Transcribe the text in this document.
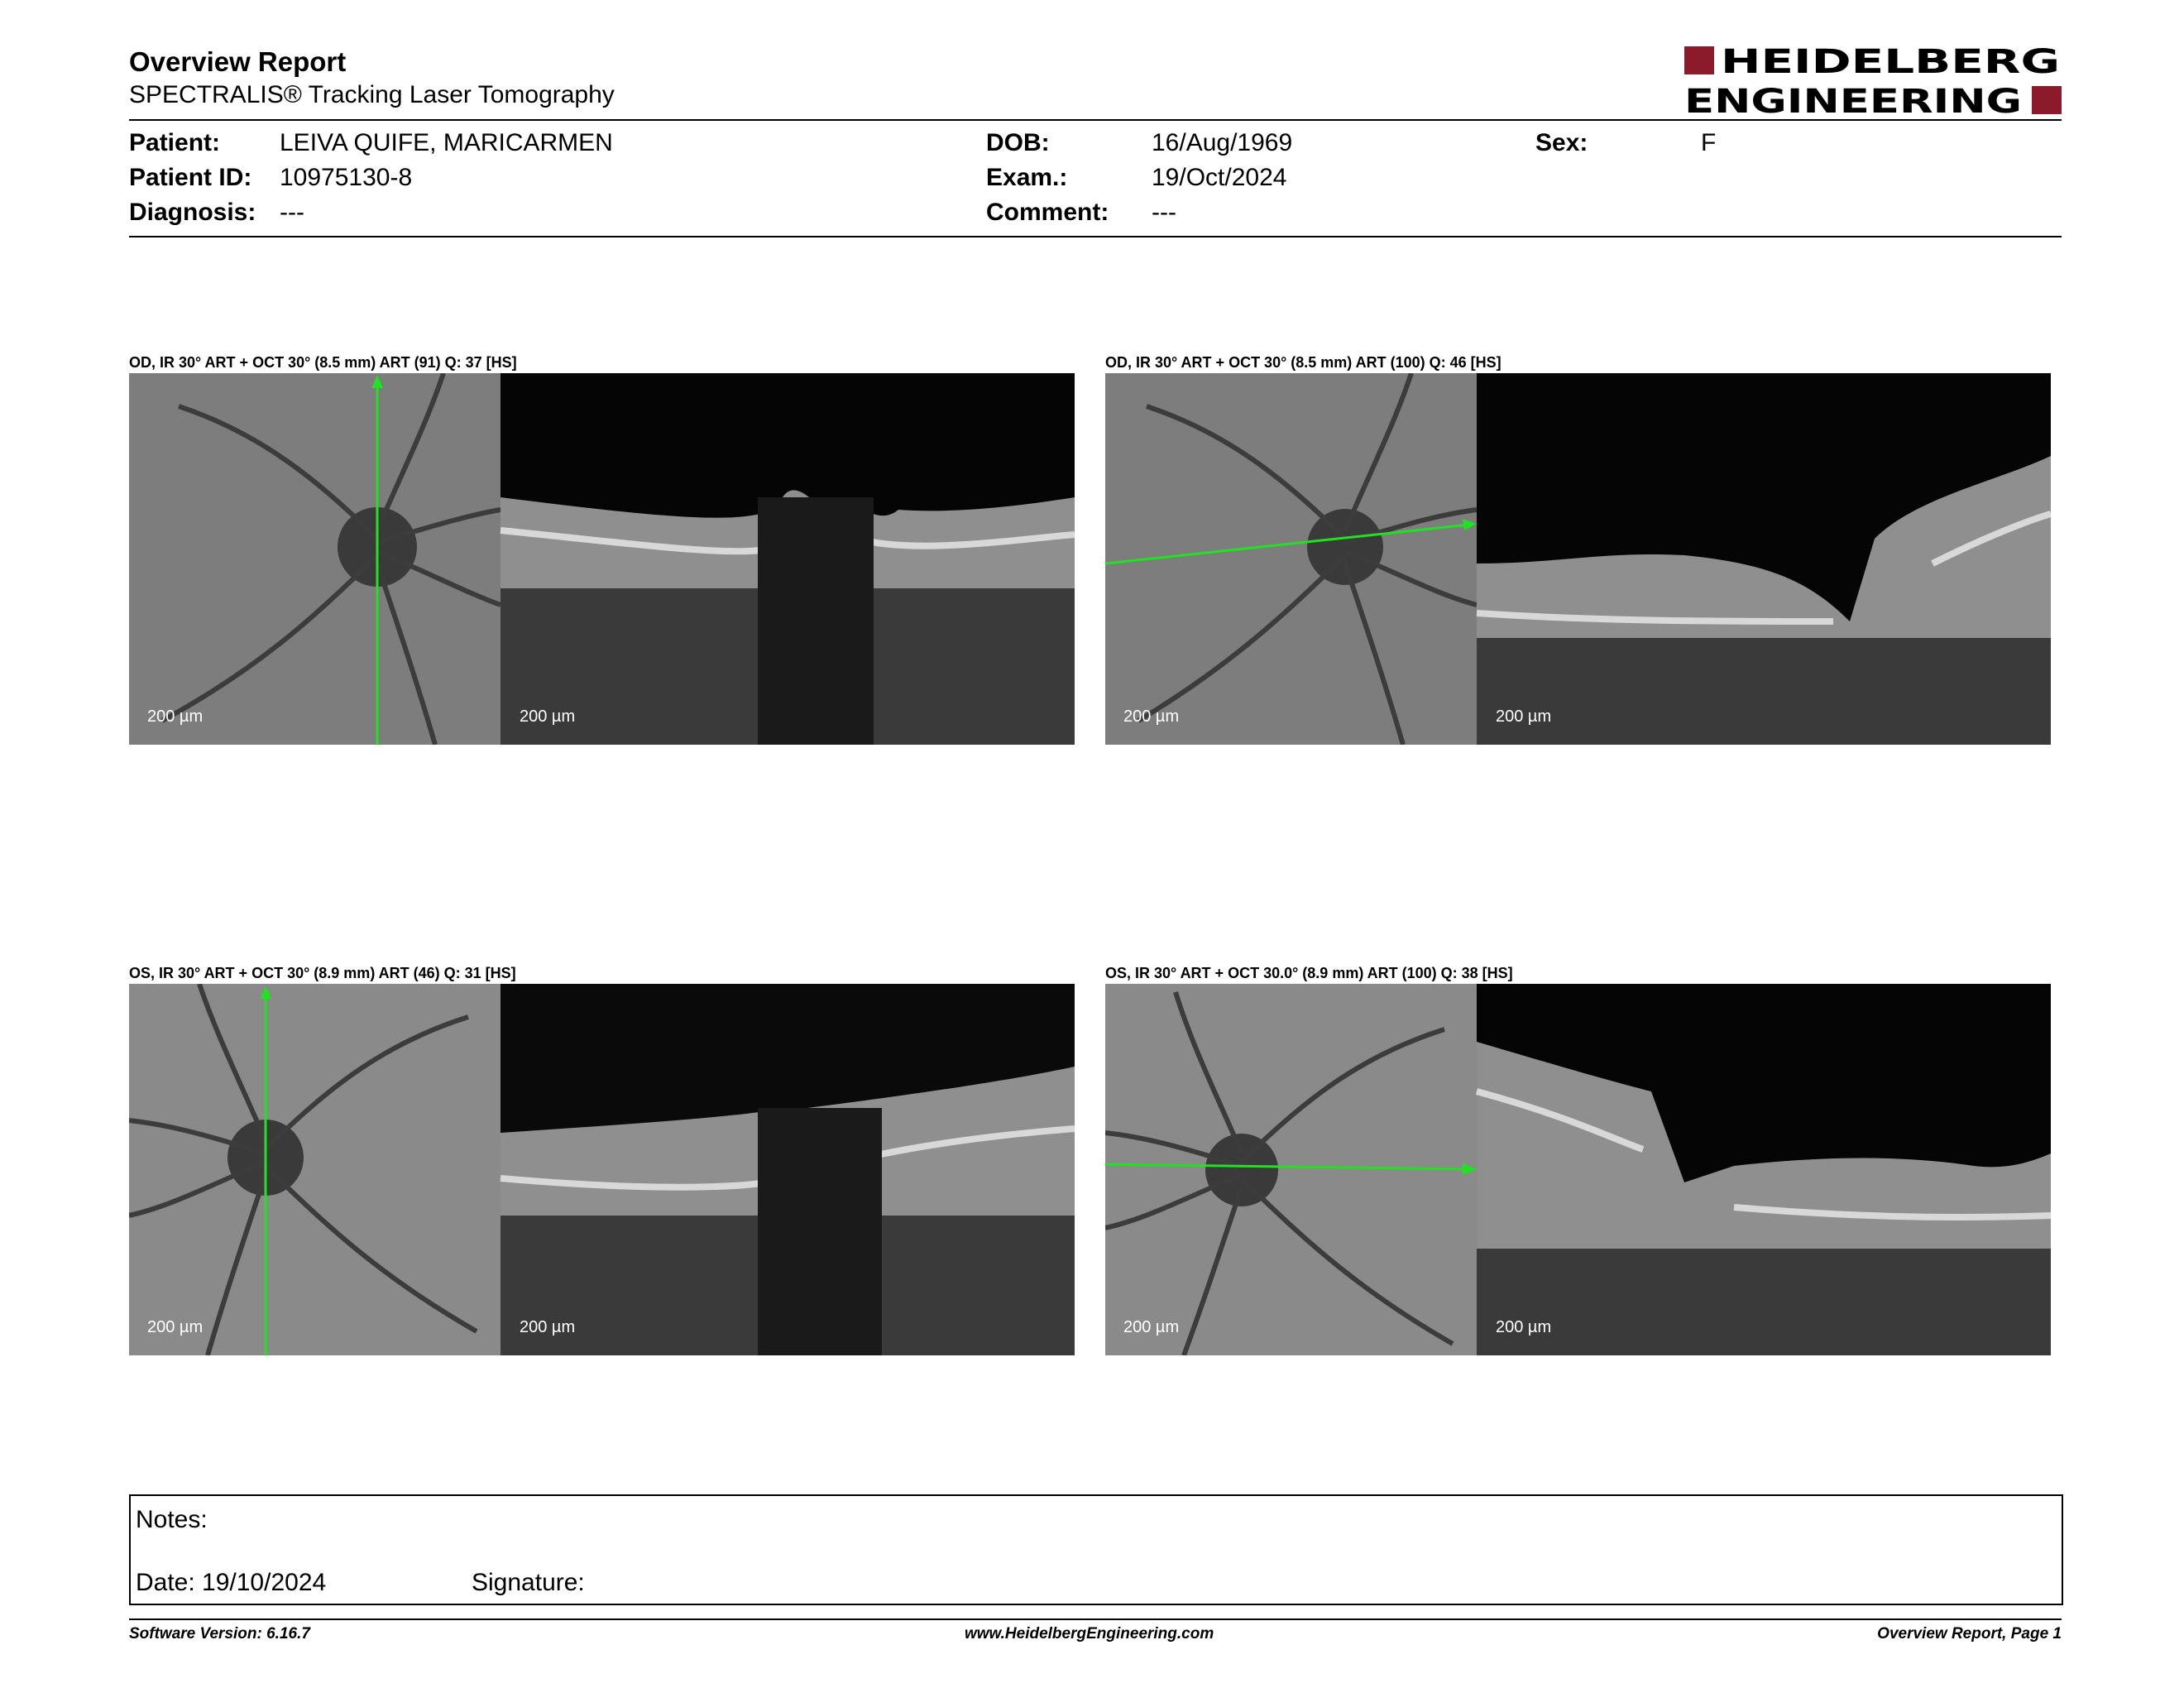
Overview Report
SPECTRALIS® Tracking Laser Tomography
HEIDELBERG
ENGINEERING
Patient: LEIVA QUIFE, MARICARMEN
Patient ID: 10975130-8
Diagnosis: ---
DOB:	16/Aug/1969
Exam.:	19/Oct/2024
Comment: ---
Sex:	F
OD, IR 30° ART + OCT 30° (8.5 mm) ART (91) Q: 37 [HS]
200 µm	200 µm
OD, IR 30° ART + OCT 30° (8.5 mm) ART (100) Q: 46 [HS]
200 µm	200 µm
OS, IR 30° ART + OCT 30° (8.9 mm) ART (46) Q: 31 [HS]
200 µm	200 µm
OS, IR 30° ART + OCT 30.0° (8.9 mm) ART (100) Q: 38 [HS]
200 µm	200 µm
Notes:
Date: 19/10/2024	Signature:
Software Version: 6.16.7	www.HeidelbergEngineering.com	Overview Report, Page 1
